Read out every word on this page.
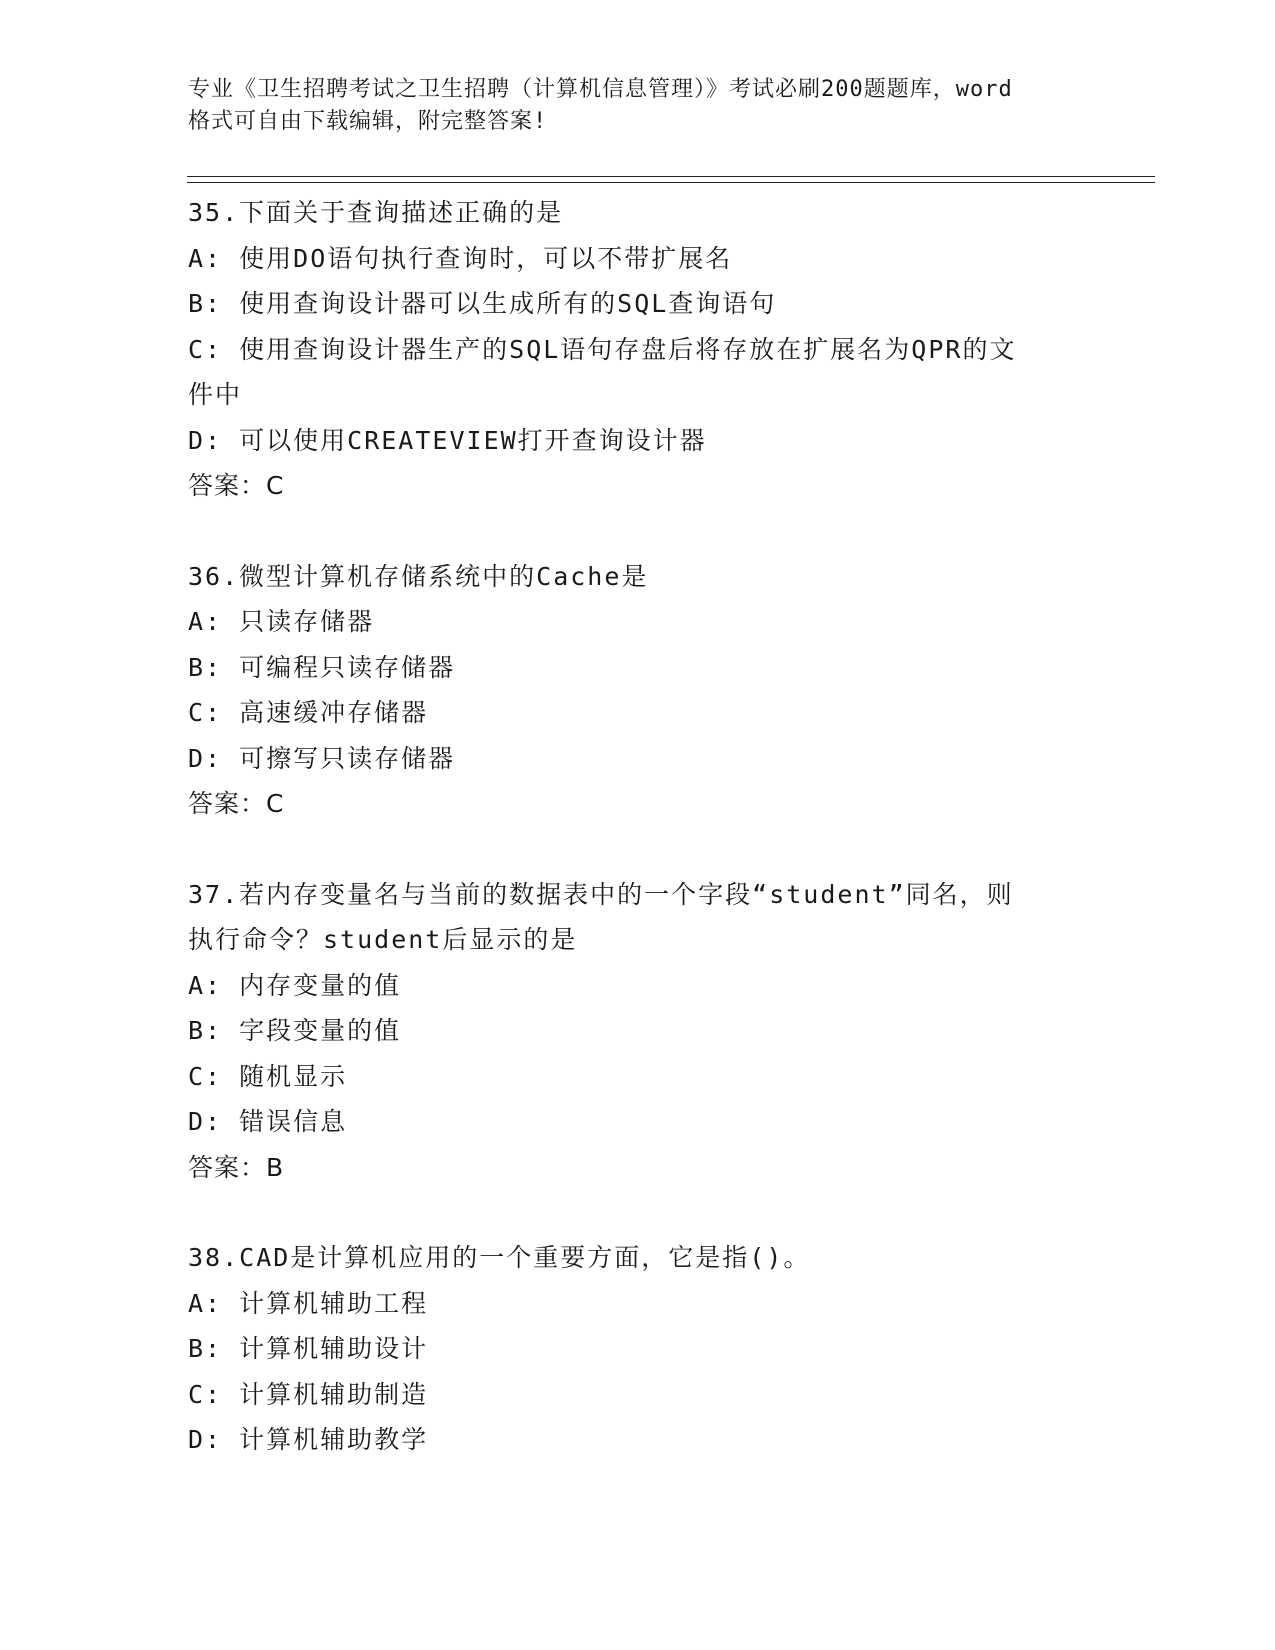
专业《卫生招聘考试之卫生招聘（计算机信息管理）》考试必刷200题题库，word
格式可自由下载编辑，附完整答案!
35.下面关于查询描述正确的是
A: 使用DO语句执行查询时，可以不带扩展名
B: 使用查询设计器可以生成所有的SQL查询语句
C: 使用查询设计器生产的SQL语句存盘后将存放在扩展名为QPR的文
件中
D: 可以使用CREATEVIEW打开查询设计器
答案：C
36.微型计算机存储系统中的Cache是
A: 只读存储器
B: 可编程只读存储器
C: 高速缓冲存储器
D: 可擦写只读存储器
答案：C
37.若内存变量名与当前的数据表中的一个字段“student”同名，则
执行命令？student后显示的是
A: 内存变量的值
B: 字段变量的值
C: 随机显示
D: 错误信息
答案：B
38.CAD是计算机应用的一个重要方面，它是指()。
A: 计算机辅助工程
B: 计算机辅助设计
C: 计算机辅助制造
D: 计算机辅助教学
